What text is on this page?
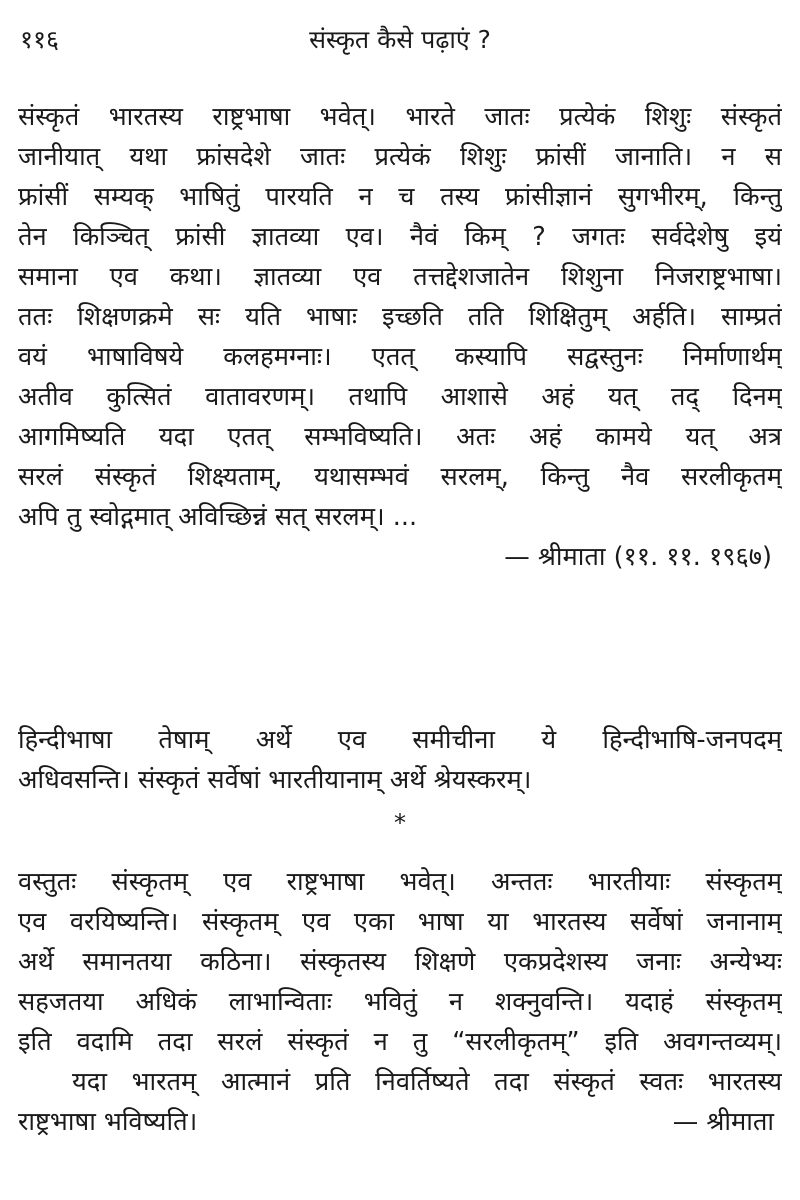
११६	संस्कृत कैसे पढ़ाएं ?
संस्कृतं भारतस्य राष्ट्रभाषा भवेत्। भारते जातः प्रत्येकं शिशुः संस्कृतं
जानीयात् यथा फ्रांसदेशे जातः प्रत्येकं शिशुः फ्रांसीं जानाति। न स
फ्रांसीं सम्यक् भाषितुं पारयति न च तस्य फ्रांसीज्ञानं सुगभीरम्, किन्तु
तेन किञ्चित् फ्रांसी ज्ञातव्या एव। नैवं किम् ? जगतः सर्वदेशेषु इयं
समाना एव कथा। ज्ञातव्या एव तत्तद्देशजातेन शिशुना निजराष्ट्रभाषा।
ततः शिक्षणक्रमे सः यति भाषाः इच्छति तति शिक्षितुम् अर्हति। साम्प्रतं
वयं भाषाविषये कलहमग्नाः। एतत् कस्यापि सद्वस्तुनः निर्माणार्थम्
अतीव कुत्सितं वातावरणम्। तथापि आशासे अहं यत् तद् दिनम्
आगमिष्यति यदा एतत् सम्भविष्यति। अतः अहं कामये यत् अत्र
सरलं संस्कृतं शिक्ष्यताम्, यथासम्भवं सरलम्, किन्तु नैव सरलीकृतम्
अपि तु स्वोद्गमात् अविच्छिन्नं सत् सरलम्। ...
— श्रीमाता (११. ११. १९६७)
हिन्दीभाषा तेषाम् अर्थे एव समीचीना ये हिन्दीभाषि-जनपदम्
अधिवसन्ति। संस्कृतं सर्वेषां भारतीयानाम् अर्थे श्रेयस्करम्।
*
वस्तुतः संस्कृतम् एव राष्ट्रभाषा भवेत्। अन्ततः भारतीयाः संस्कृतम्
एव वरयिष्यन्ति। संस्कृतम् एव एका भाषा या भारतस्य सर्वेषां जनानाम्
अर्थे समानतया कठिना। संस्कृतस्य शिक्षणे एकप्रदेशस्य जनाः अन्येभ्यः
सहजतया अधिकं लाभान्विताः भवितुं न शक्नुवन्ति। यदाहं संस्कृतम्
इति वदामि तदा सरलं संस्कृतं न तु “सरलीकृतम्” इति अवगन्तव्यम्।
यदा भारतम् आत्मानं प्रति निवर्तिष्यते तदा संस्कृतं स्वतः भारतस्य
राष्ट्रभाषा भविष्यति।	— श्रीमाता
